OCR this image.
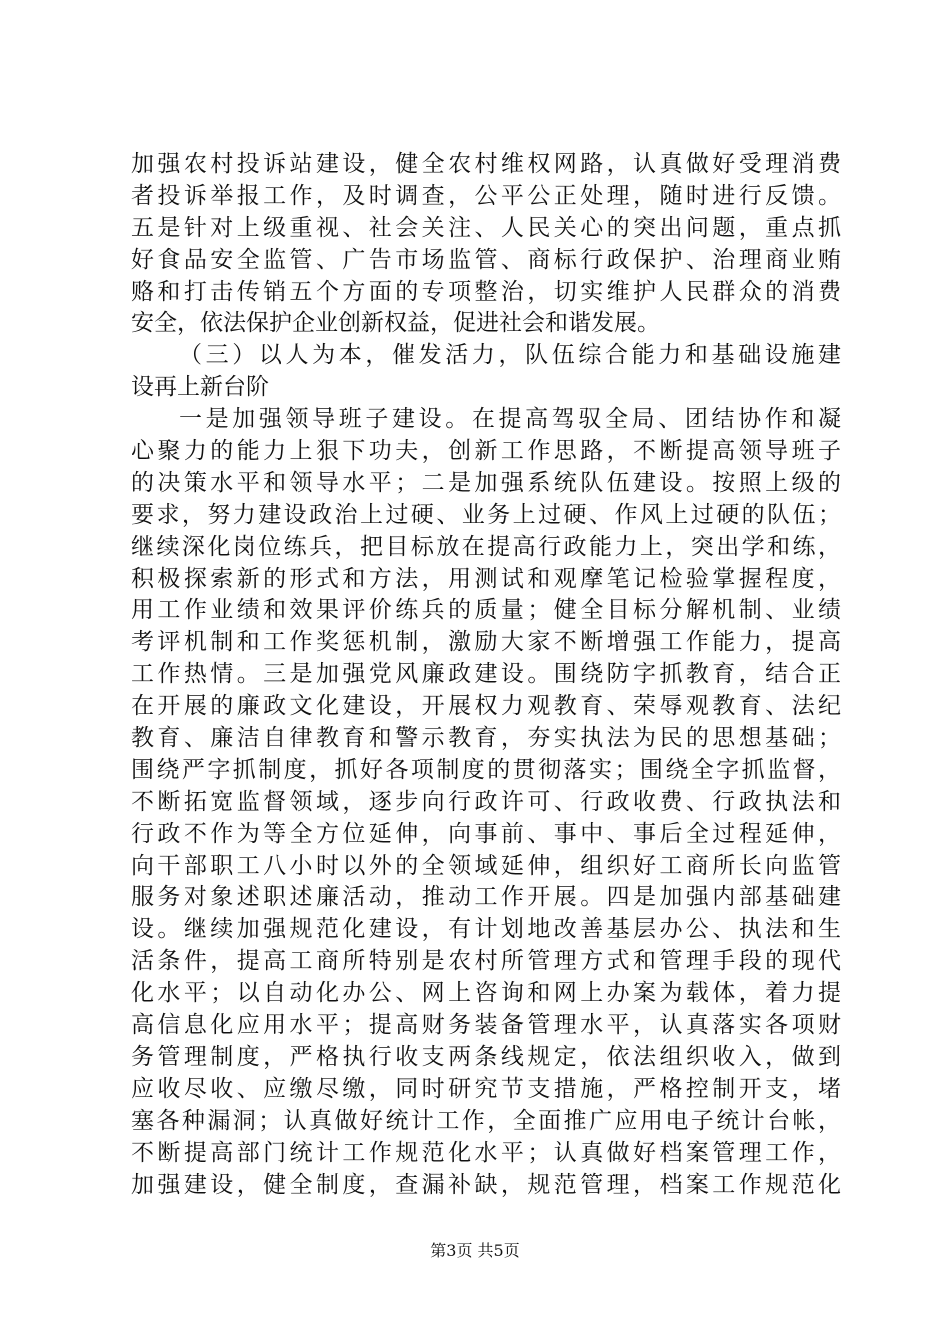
加强农村投诉站建设，健全农村维权网路，认真做好受理消费
者投诉举报工作，及时调查，公平公正处理，随时进行反馈。
五是针对上级重视、社会关注、人民关心的突出问题，重点抓
好食品安全监管、广告市场监管、商标行政保护、治理商业贿
赂和打击传销五个方面的专项整治，切实维护人民群众的消费
安全，依法保护企业创新权益，促进社会和谐发展。
（三）以人为本，催发活力，队伍综合能力和基础设施建
设再上新台阶
一是加强领导班子建设。在提高驾驭全局、团结协作和凝
心聚力的能力上狠下功夫，创新工作思路，不断提高领导班子
的决策水平和领导水平；二是加强系统队伍建设。按照上级的
要求，努力建设政治上过硬、业务上过硬、作风上过硬的队伍；
继续深化岗位练兵，把目标放在提高行政能力上，突出学和练，
积极探索新的形式和方法，用测试和观摩笔记检验掌握程度，
用工作业绩和效果评价练兵的质量；健全目标分解机制、业绩
考评机制和工作奖惩机制，激励大家不断增强工作能力，提高
工作热情。三是加强党风廉政建设。围绕防字抓教育，结合正
在开展的廉政文化建设，开展权力观教育、荣辱观教育、法纪
教育、廉洁自律教育和警示教育，夯实执法为民的思想基础；
围绕严字抓制度，抓好各项制度的贯彻落实；围绕全字抓监督，
不断拓宽监督领域，逐步向行政许可、行政收费、行政执法和
行政不作为等全方位延伸，向事前、事中、事后全过程延伸，
向干部职工八小时以外的全领域延伸，组织好工商所长向监管
服务对象述职述廉活动，推动工作开展。四是加强内部基础建
设。继续加强规范化建设，有计划地改善基层办公、执法和生
活条件，提高工商所特别是农村所管理方式和管理手段的现代
化水平；以自动化办公、网上咨询和网上办案为载体，着力提
高信息化应用水平；提高财务装备管理水平，认真落实各项财
务管理制度，严格执行收支两条线规定，依法组织收入，做到
应收尽收、应缴尽缴，同时研究节支措施，严格控制开支，堵
塞各种漏洞；认真做好统计工作，全面推广应用电子统计台帐，
不断提高部门统计工作规范化水平；认真做好档案管理工作，
加强建设，健全制度，查漏补缺，规范管理，档案工作规范化
第3页 共5页
